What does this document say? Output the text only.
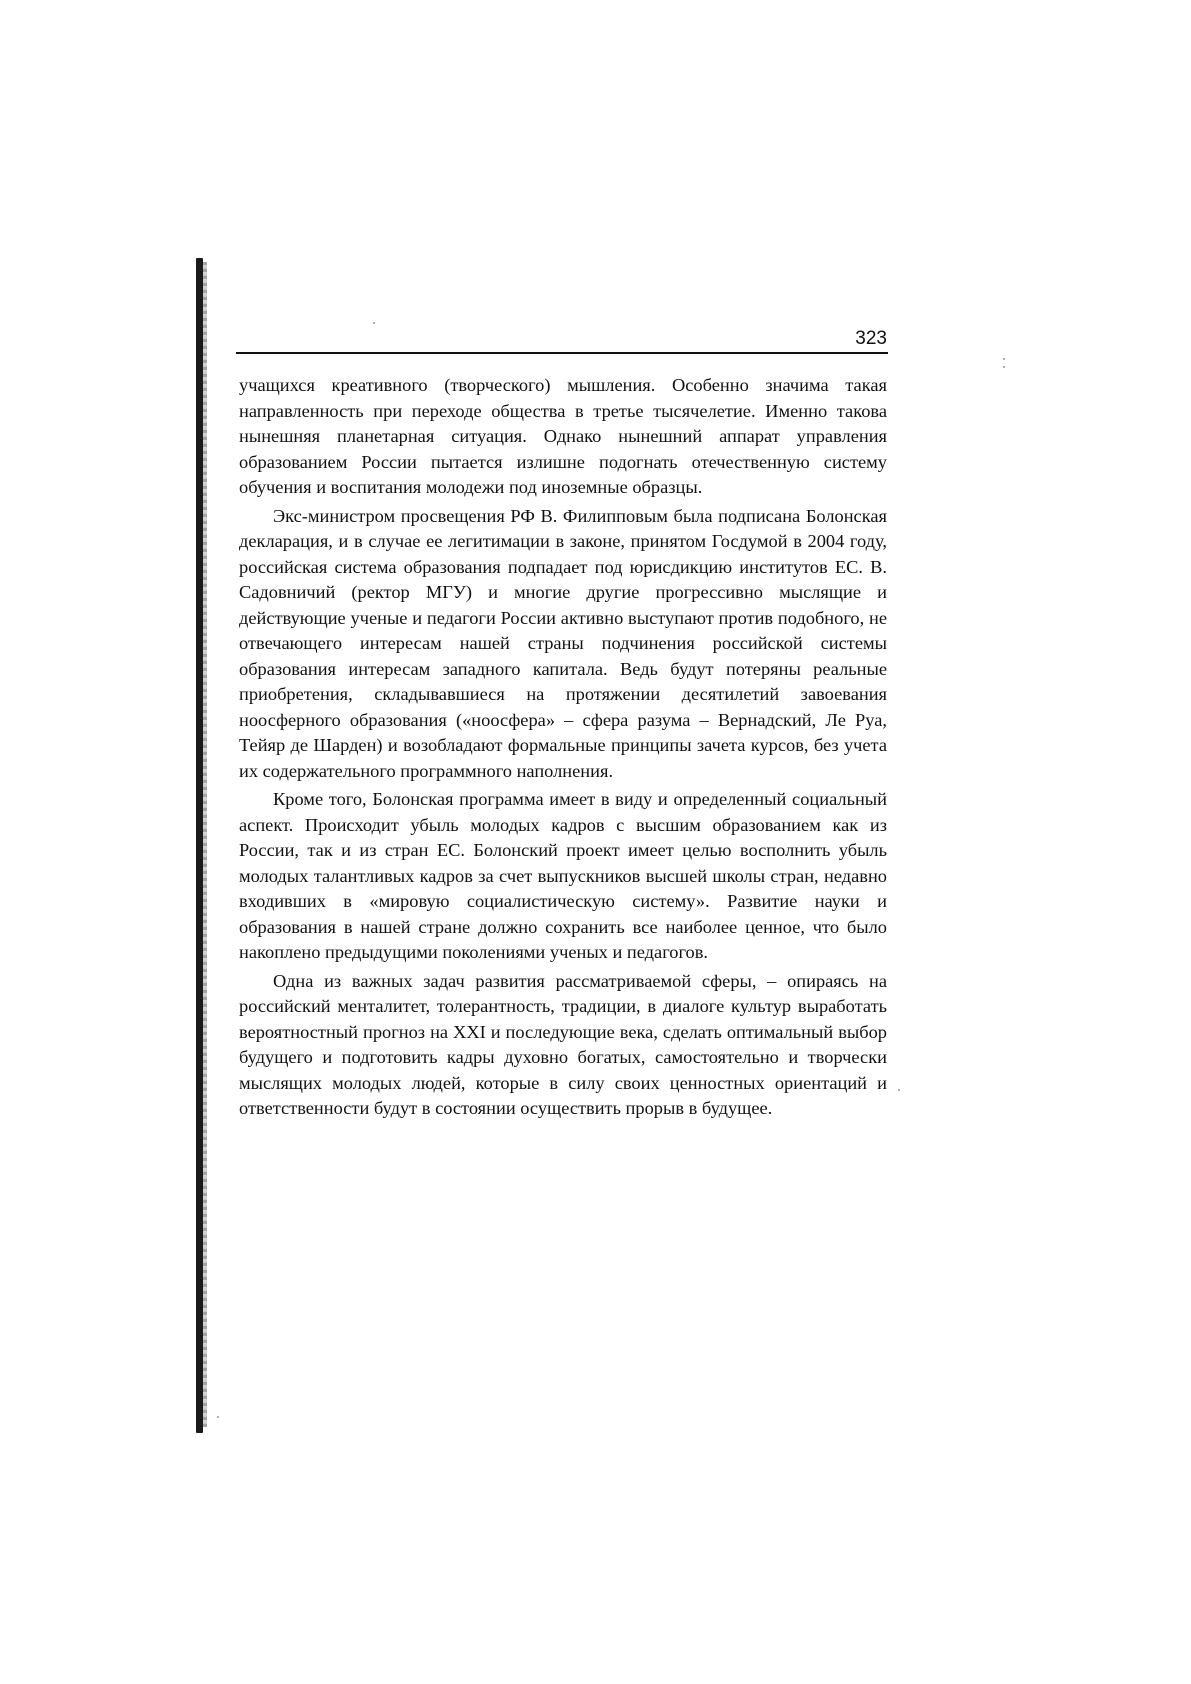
323

учащихся креативного (творческого) мышления. Особенно значима такая направленность при переходе общества в третье тысячелетие. Именно такова нынешняя планетарная ситуация. Однако нынешний аппарат управления образованием России пытается излишне подогнать отечественную систему обучения и воспитания молодежи под иноземные образцы.

Экс-министром просвещения РФ В. Филипповым была подписана Болонская декларация, и в случае ее легитимации в законе, принятом Госдумой в 2004 году, российская система образования подпадает под юрисдикцию институтов ЕС. В. Садовничий (ректор МГУ) и многие другие прогрессивно мыслящие и действующие ученые и педагоги России активно выступают против подобного, не отвечающего интересам нашей страны подчинения российской системы образования интересам западного капитала. Ведь будут потеряны реальные приобретения, складывавшиеся на протяжении десятилетий завоевания ноосферного образования («ноосфера» – сфера разума – Вернадский, Ле Руа, Тейяр де Шарден) и возобладают формальные принципы зачета курсов, без учета их содержательного программного наполнения.

Кроме того, Болонская программа имеет в виду и определенный социальный аспект. Происходит убыль молодых кадров с высшим образованием как из России, так и из стран ЕС. Болонский проект имеет целью восполнить убыль молодых талантливых кадров за счет выпускников высшей школы стран, недавно входивших в «мировую социалистическую систему». Развитие науки и образования в нашей стране должно сохранить все наиболее ценное, что было накоплено предыдущими поколениями ученых и педагогов.

Одна из важных задач развития рассматриваемой сферы, – опираясь на российский менталитет, толерантность, традиции, в диалоге культур выработать вероятностный прогноз на XXI и последующие века, сделать оптимальный выбор будущего и подготовить кадры духовно богатых, самостоятельно и творчески мыслящих молодых людей, которые в силу своих ценностных ориентаций и ответственности будут в состоянии осуществить прорыв в будущее.
